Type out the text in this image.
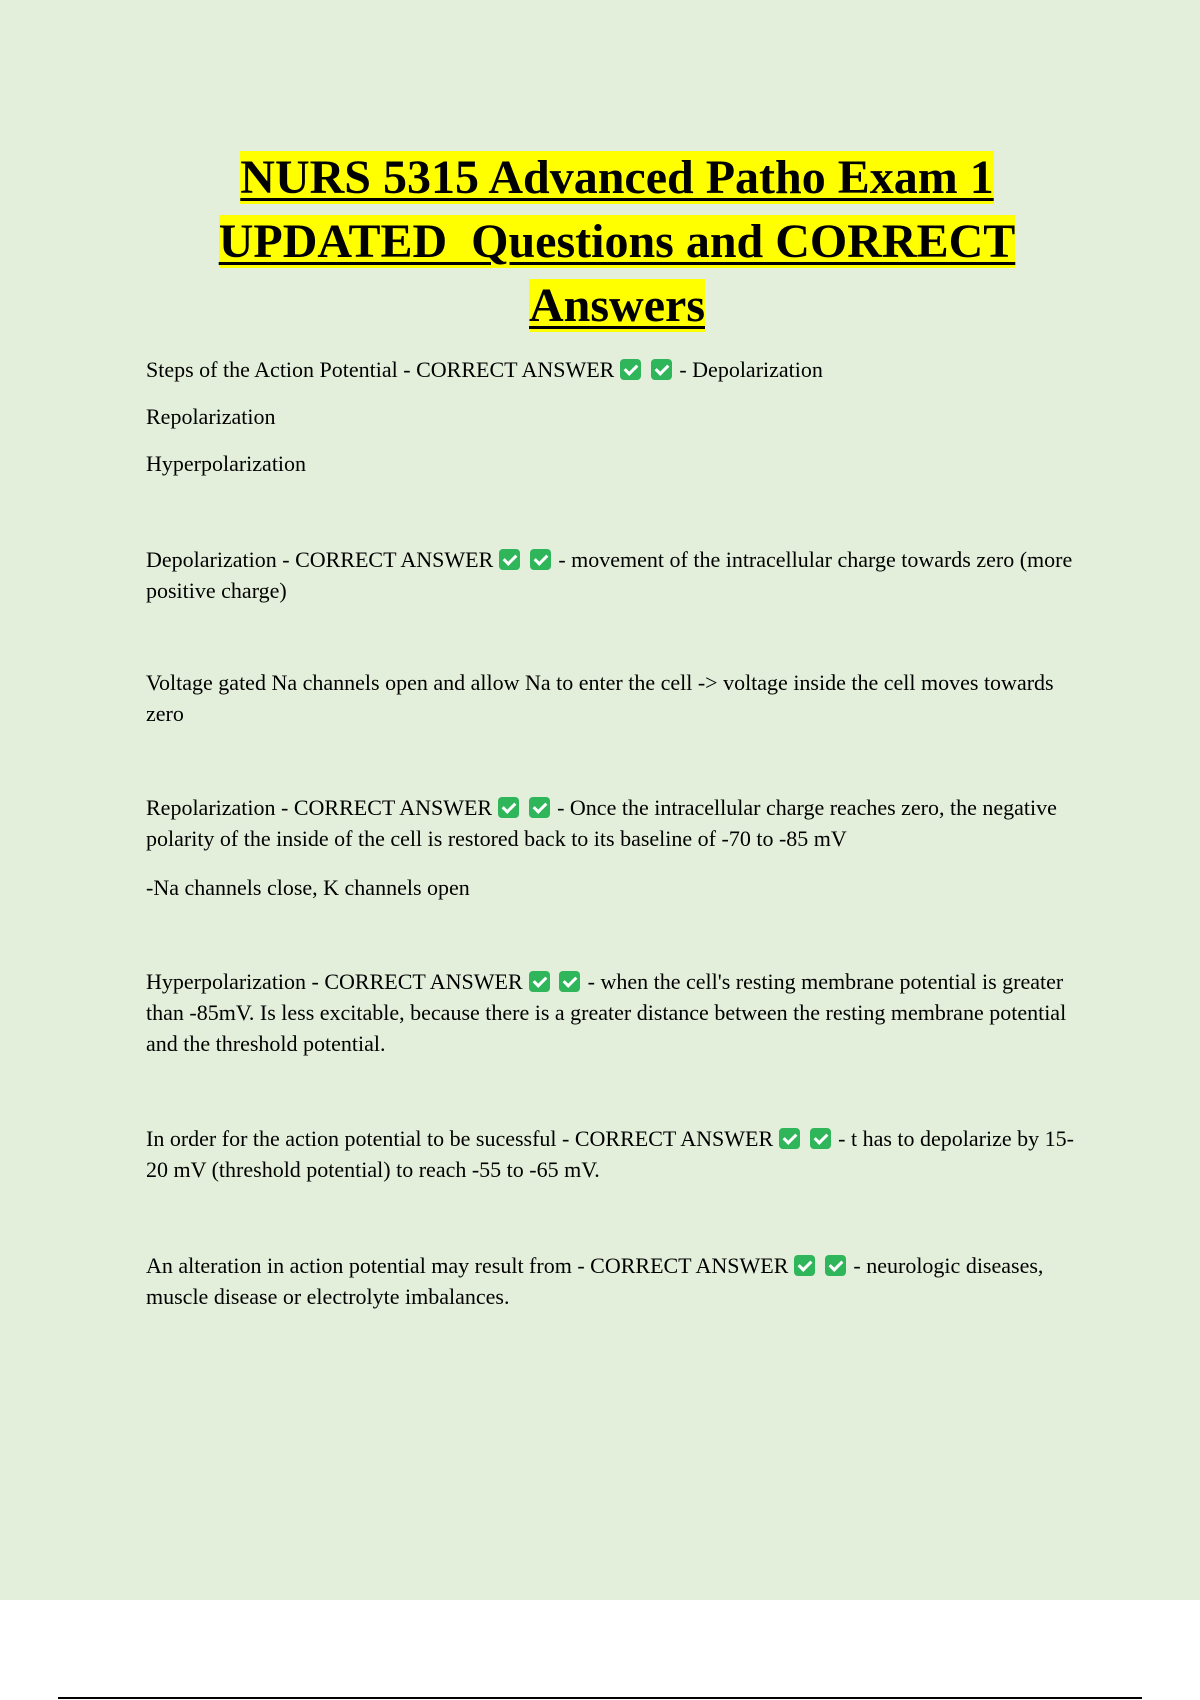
NURS 5315 Advanced Patho Exam 1
UPDATED  Questions and CORRECT
Answers
Steps of the Action Potential - CORRECT ANSWER	- Depolarization
Repolarization
Hyperpolarization
Depolarization - CORRECT ANSWER	- movement of the intracellular charge towards zero (more positive charge)
Voltage gated Na channels open and allow Na to enter the cell -> voltage inside the cell moves towards zero
Repolarization - CORRECT ANSWER	- Once the intracellular charge reaches zero, the negative polarity of the inside of the cell is restored back to its baseline of -70 to -85 mV
-Na channels close, K channels open
Hyperpolarization - CORRECT ANSWER	- when the cell's resting membrane potential is greater than -85mV. Is less excitable, because there is a greater distance between the resting membrane potential and the threshold potential.
In order for the action potential to be sucessful - CORRECT ANSWER	- t has to depolarize by 15-20 mV (threshold potential) to reach -55 to -65 mV.
An alteration in action potential may result from - CORRECT ANSWER	- neurologic diseases, muscle disease or electrolyte imbalances.
